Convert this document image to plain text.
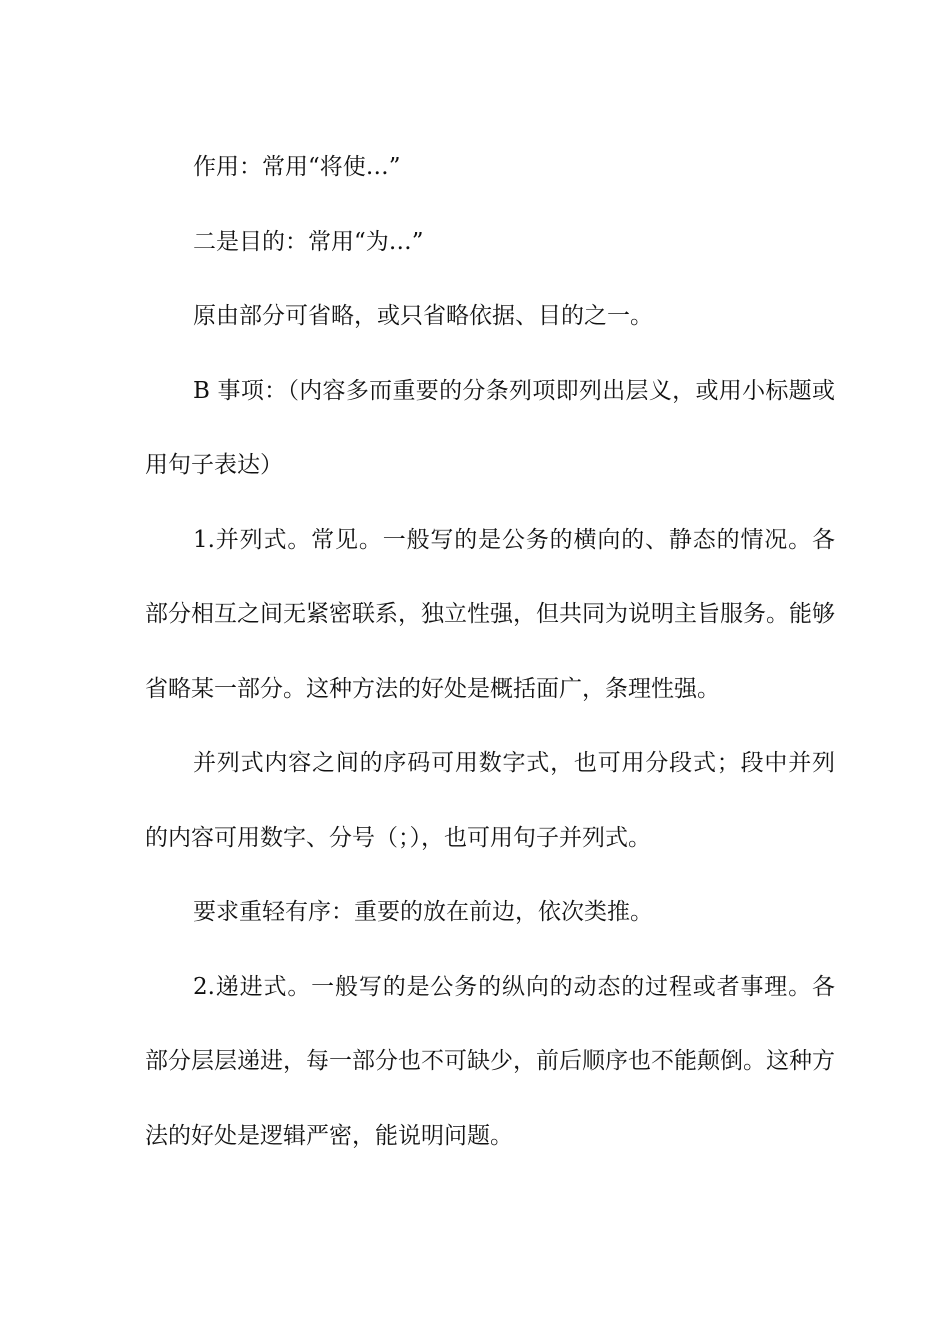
作用：常用“将使…”

二是目的：常用“为…”

原由部分可省略，或只省略依据、目的之一。

B 事项：（内容多而重要的分条列项即列出层义，或用小标题或用句子表达）

1.并列式。常见。一般写的是公务的横向的、静态的情况。各部分相互之间无紧密联系，独立性强，但共同为说明主旨服务。能够省略某一部分。这种方法的好处是概括面广，条理性强。

并列式内容之间的序码可用数字式，也可用分段式；段中并列的内容可用数字、分号（；），也可用句子并列式。

要求重轻有序：重要的放在前边，依次类推。

2.递进式。一般写的是公务的纵向的动态的过程或者事理。各部分层层递进，每一部分也不可缺少，前后顺序也不能颠倒。这种方法的好处是逻辑严密，能说明问题。
